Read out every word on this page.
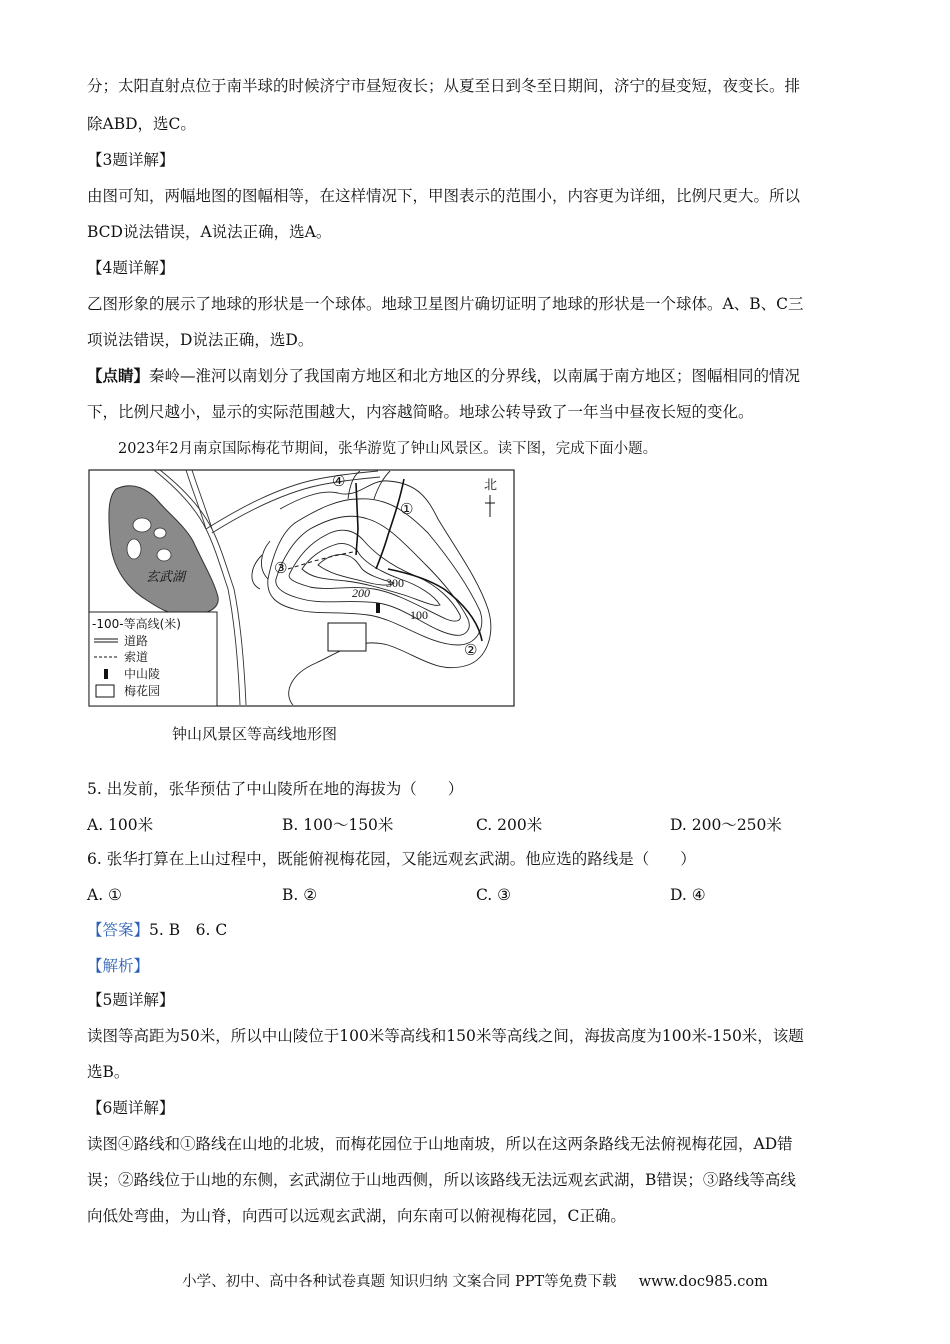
分；太阳直射点位于南半球的时候济宁市昼短夜长；从夏至日到冬至日期间，济宁的昼变短，夜变长。排
除ABD，选C。
【3题详解】
由图可知，两幅地图的图幅相等，在这样情况下，甲图表示的范围小，内容更为详细，比例尺更大。所以
BCD说法错误，A说法正确，选A。
【4题详解】
乙图形象的展示了地球的形状是一个球体。地球卫星图片确切证明了地球的形状是一个球体。A、B、C三
项说法错误，D说法正确，选D。
【点睛】秦岭—淮河以南划分了我国南方地区和北方地区的分界线，以南属于南方地区；图幅相同的情况
下，比例尺越小，显示的实际范围越大，内容越简略。地球公转导致了一年当中昼夜长短的变化。
2023年2月南京国际梅花节期间，张华游览了钟山风景区。读下图，完成下面小题。
玄武湖
④
①
③
②
300
200
100
北
-100-等高线(米)
道路
索道
中山陵
梅花园
钟山风景区等高线地形图
5. 出发前，张华预估了中山陵所在地的海拔为（　　）
A. 100米	B. 100～150米	C. 200米	D. 200～250米
6. 张华打算在上山过程中，既能俯视梅花园，又能远观玄武湖。他应选的路线是（　　）
A. ①	B. ②	C. ③	D. ④
【答案】5. B　6. C
【解析】
【5题详解】
读图等高距为50米，所以中山陵位于100米等高线和150米等高线之间，海拔高度为100米-150米，该题
选B。
【6题详解】
读图④路线和①路线在山地的北坡，而梅花园位于山地南坡，所以在这两条路线无法俯视梅花园，AD错
误；②路线位于山地的东侧，玄武湖位于山地西侧，所以该路线无法远观玄武湖，B错误；③路线等高线
向低处弯曲，为山脊，向西可以远观玄武湖，向东南可以俯视梅花园，C正确。
小学、初中、高中各种试卷真题 知识归纳 文案合同 PPT等免费下载 www.doc985.com
